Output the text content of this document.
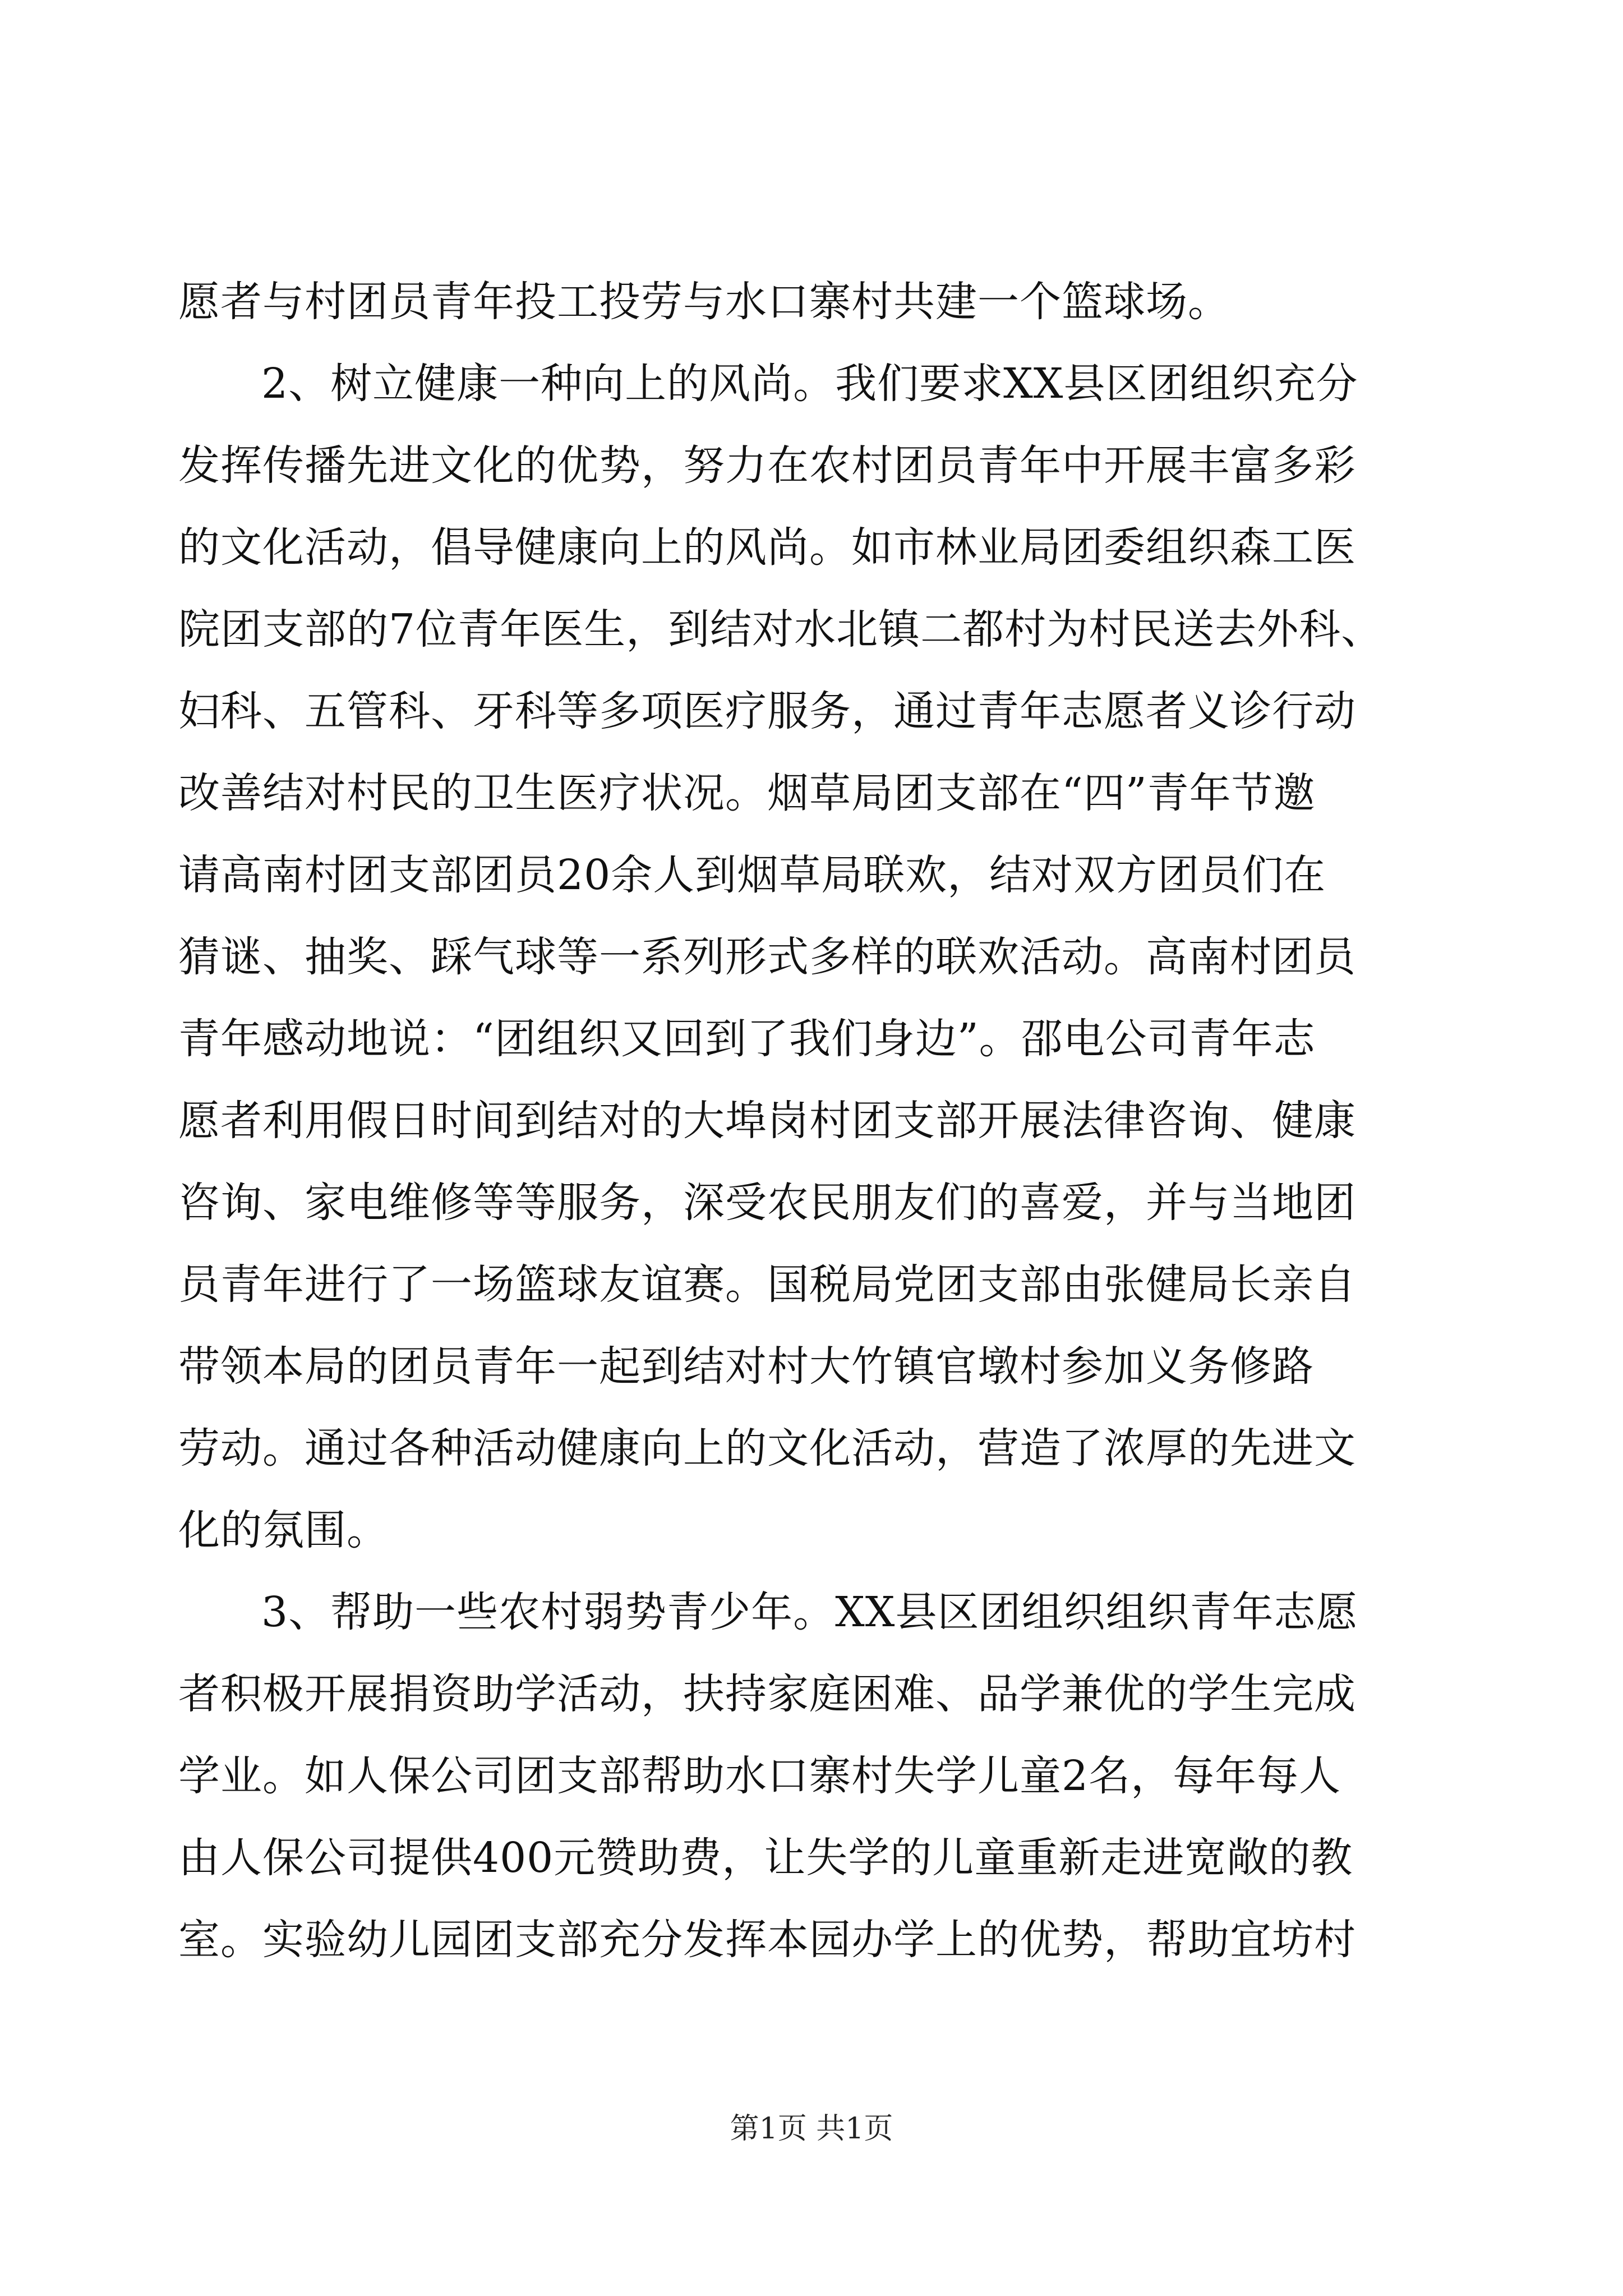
愿者与村团员青年投工投劳与水口寨村共建一个篮球场。
2、树立健康一种向上的风尚。我们要求XX县区团组织充分
发挥传播先进文化的优势，努力在农村团员青年中开展丰富多彩
的文化活动，倡导健康向上的风尚。如市林业局团委组织森工医
院团支部的7位青年医生，到结对水北镇二都村为村民送去外科、
妇科、五管科、牙科等多项医疗服务，通过青年志愿者义诊行动
改善结对村民的卫生医疗状况。烟草局团支部在“四”青年节邀
请高南村团支部团员20余人到烟草局联欢，结对双方团员们在
猜谜、抽奖、踩气球等一系列形式多样的联欢活动。高南村团员
青年感动地说：“团组织又回到了我们身边”。邵电公司青年志
愿者利用假日时间到结对的大埠岗村团支部开展法律咨询、健康
咨询、家电维修等等服务，深受农民朋友们的喜爱，并与当地团
员青年进行了一场篮球友谊赛。国税局党团支部由张健局长亲自
带领本局的团员青年一起到结对村大竹镇官墩村参加义务修路
劳动。通过各种活动健康向上的文化活动，营造了浓厚的先进文
化的氛围。
3、帮助一些农村弱势青少年。XX县区团组织组织青年志愿
者积极开展捐资助学活动，扶持家庭困难、品学兼优的学生完成
学业。如人保公司团支部帮助水口寨村失学儿童2名，每年每人
由人保公司提供400元赞助费，让失学的儿童重新走进宽敞的教
室。实验幼儿园团支部充分发挥本园办学上的优势，帮助宜坊村
第1页 共1页
